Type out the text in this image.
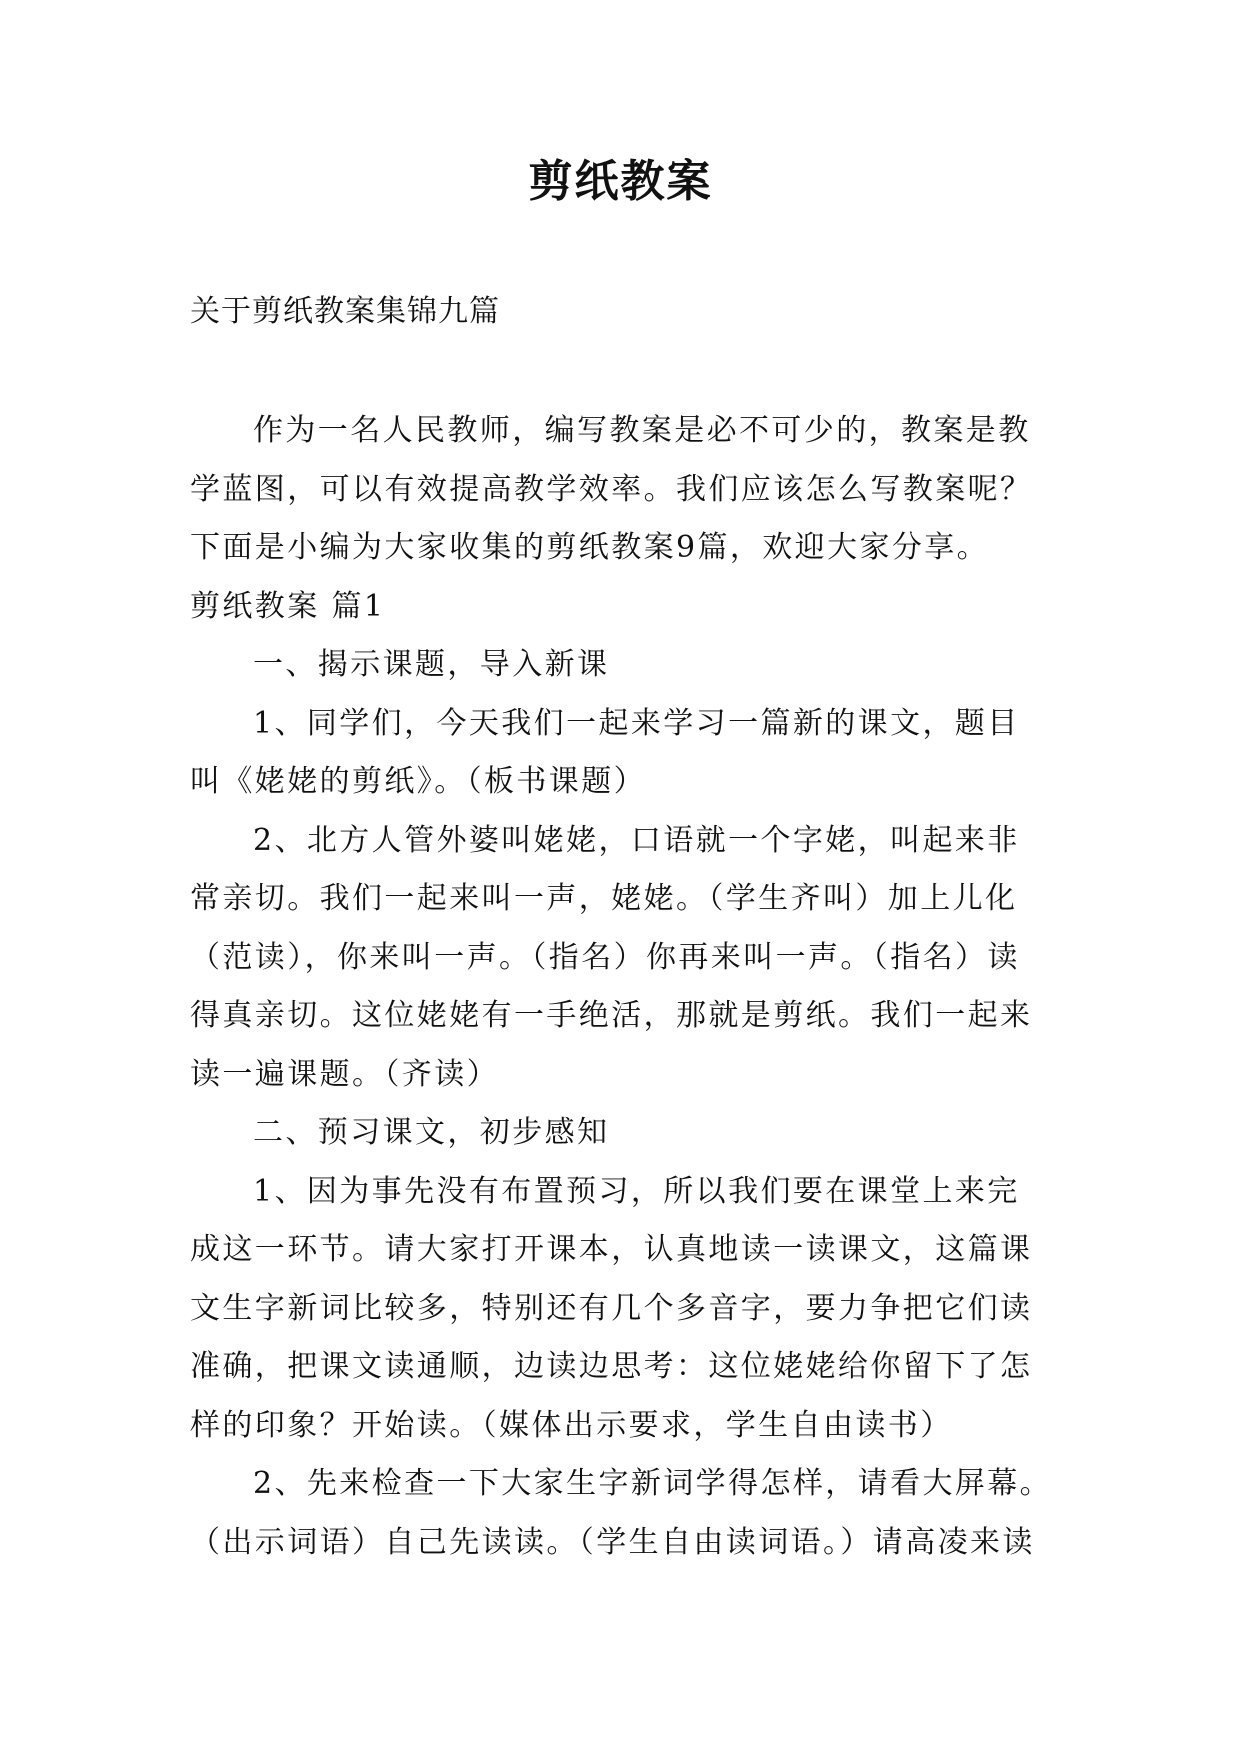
剪纸教案
关于剪纸教案集锦九篇
作为一名人民教师，编写教案是必不可少的，教案是教
学蓝图，可以有效提高教学效率。我们应该怎么写教案呢？
下面是小编为大家收集的剪纸教案9篇，欢迎大家分享。
剪纸教案 篇1
一、揭示课题，导入新课
1、同学们，今天我们一起来学习一篇新的课文，题目
叫《姥姥的剪纸》。（板书课题）
2、北方人管外婆叫姥姥，口语就一个字姥，叫起来非
常亲切。我们一起来叫一声，姥姥。（学生齐叫）加上儿化
（范读），你来叫一声。（指名）你再来叫一声。（指名）读
得真亲切。这位姥姥有一手绝活，那就是剪纸。我们一起来
读一遍课题。（齐读）
二、预习课文，初步感知
1、因为事先没有布置预习，所以我们要在课堂上来完
成这一环节。请大家打开课本，认真地读一读课文，这篇课
文生字新词比较多，特别还有几个多音字，要力争把它们读
准确，把课文读通顺，边读边思考：这位姥姥给你留下了怎
样的印象？开始读。（媒体出示要求，学生自由读书）
2、先来检查一下大家生字新词学得怎样，请看大屏幕。
（出示词语）自己先读读。（学生自由读词语。）请高凌来读
